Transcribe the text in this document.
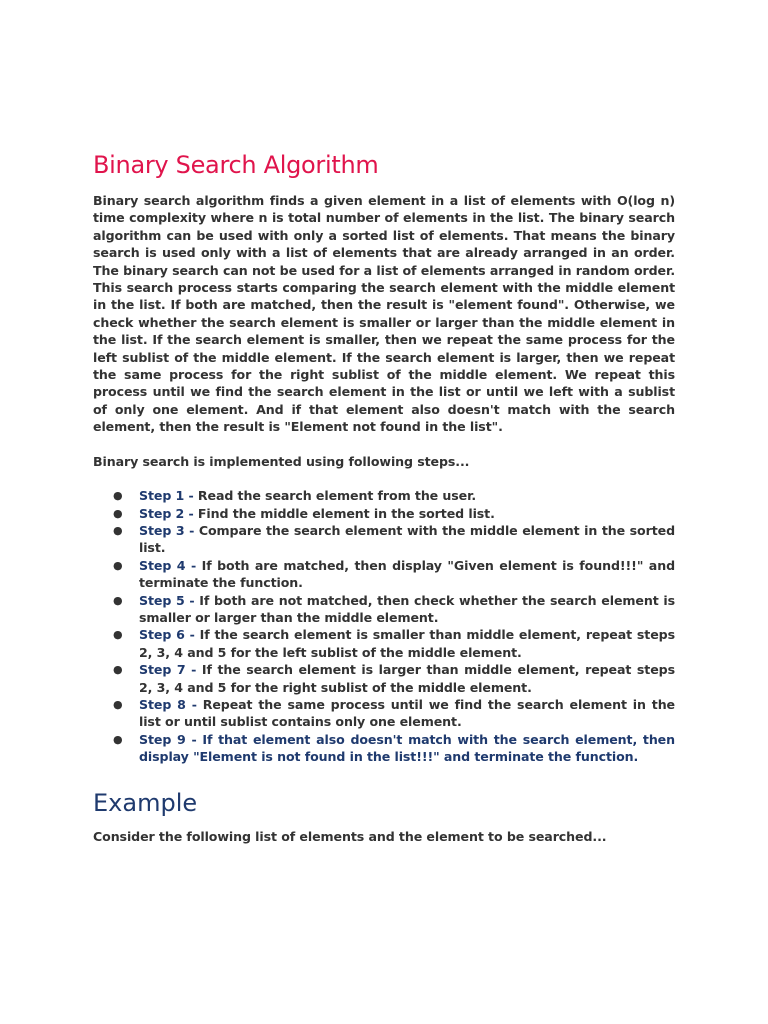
Binary Search Algorithm

Binary search algorithm finds a given element in a list of elements with O(log n) time complexity where n is total number of elements in the list. The binary search algorithm can be used with only a sorted list of elements. That means the binary search is used only with a list of elements that are already arranged in an order. The binary search can not be used for a list of elements arranged in random order. This search process starts comparing the search element with the middle element in the list. If both are matched, then the result is "element found". Otherwise, we check whether the search element is smaller or larger than the middle element in the list. If the search element is smaller, then we repeat the same process for the left sublist of the middle element. If the search element is larger, then we repeat the same process for the right sublist of the middle element. We repeat this process until we find the search element in the list or until we left with a sublist of only one element. And if that element also doesn't match with the search element, then the result is "Element not found in the list".

Binary search is implemented using following steps...

● Step 1 - Read the search element from the user.
● Step 2 - Find the middle element in the sorted list.
● Step 3 - Compare the search element with the middle element in the sorted list.
● Step 4 - If both are matched, then display "Given element is found!!!" and terminate the function.
● Step 5 - If both are not matched, then check whether the search element is smaller or larger than the middle element.
● Step 6 - If the search element is smaller than middle element, repeat steps 2, 3, 4 and 5 for the left sublist of the middle element.
● Step 7 - If the search element is larger than middle element, repeat steps 2, 3, 4 and 5 for the right sublist of the middle element.
● Step 8 - Repeat the same process until we find the search element in the list or until sublist contains only one element.
● Step 9 - If that element also doesn't match with the search element, then display "Element is not found in the list!!!" and terminate the function.
Example

Consider the following list of elements and the element to be searched...
